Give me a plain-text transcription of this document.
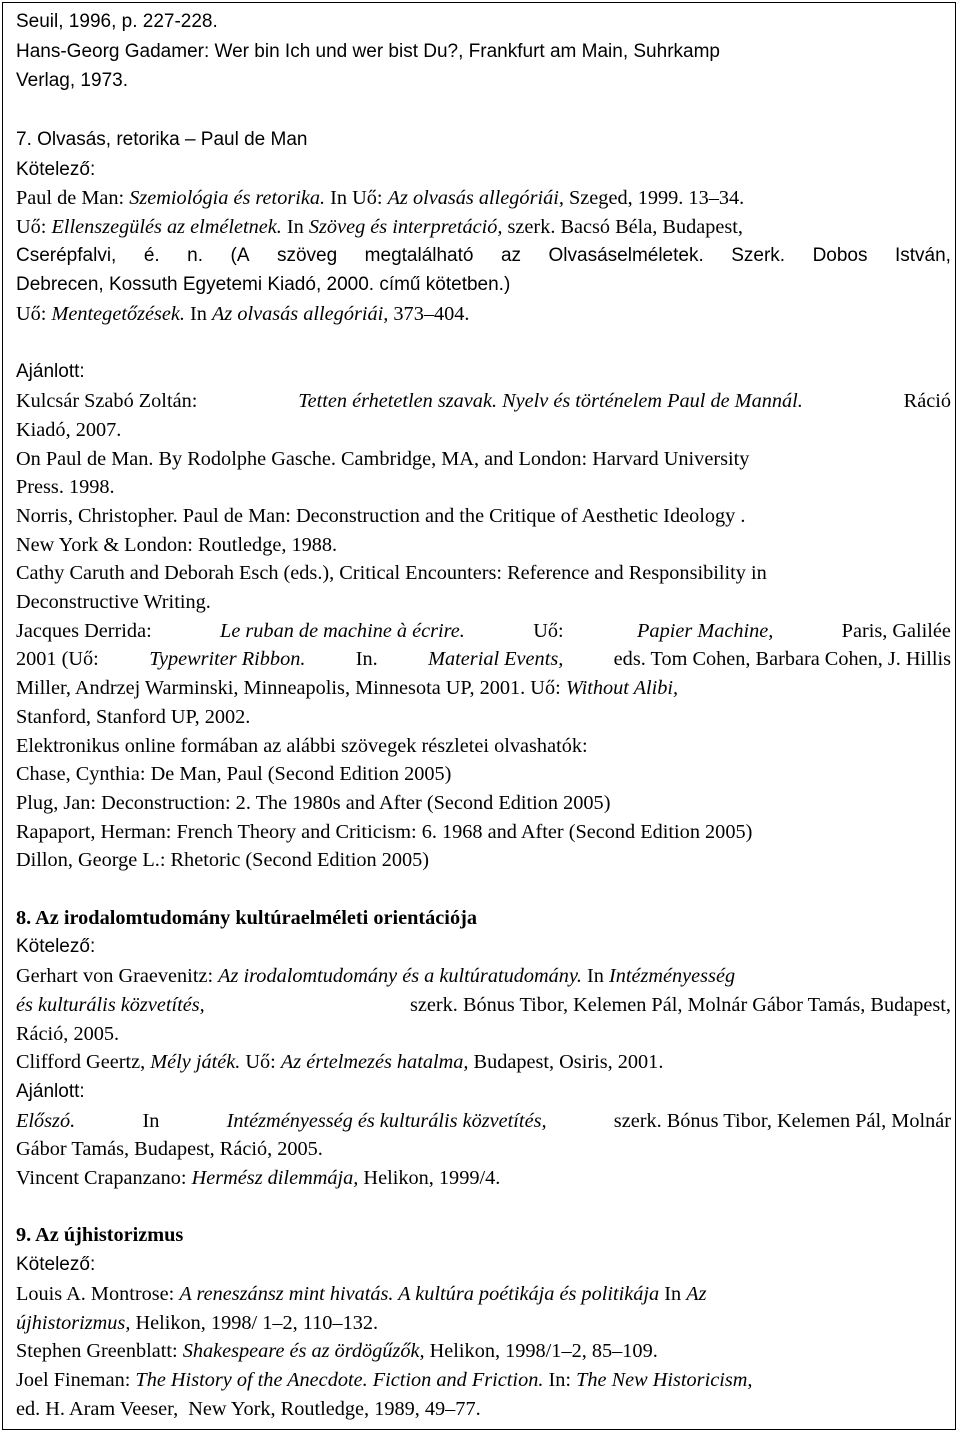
Seuil, 1996, p. 227-228.
Hans-Georg Gadamer: Wer bin Ich und wer bist Du?, Frankfurt am Main, Suhrkamp
Verlag, 1973.
7. Olvasás, retorika – Paul de Man
Kötelező:
Paul de Man: Szemiológia és retorika. In Uő: Az olvasás allegóriái, Szeged, 1999. 13–34.
Uő: Ellenszegülés az elméletnek. In Szöveg és interpretáció, szerk. Bacsó Béla, Budapest,
Cserépfalvi, é. n. (A szöveg megtalálható az Olvasáselméletek. Szerk. Dobos István,
Debrecen, Kossuth Egyetemi Kiadó, 2000. című kötetben.)
Uő: Mentegetőzések. In Az olvasás allegóriái, 373–404.
Ajánlott:
Kulcsár Szabó Zoltán:	Tetten érhetetlen szavak. Nyelv és történelem Paul de Mannál.	Ráció
Kiadó, 2007.
On Paul de Man. By Rodolphe Gasche. Cambridge, MA, and London: Harvard University
Press. 1998.
Norris, Christopher. Paul de Man: Deconstruction and the Critique of Aesthetic Ideology .
New York & London: Routledge, 1988.
Cathy Caruth and Deborah Esch (eds.), Critical Encounters: Reference and Responsibility in
Deconstructive Writing.
Jacques Derrida:	Le ruban de machine à écrire.	Uő:	Papier Machine,	Paris, Galilée
2001 (Uő: Typewriter Ribbon. In. Material Events, eds. Tom Cohen, Barbara Cohen, J. Hillis
Miller, Andrzej Warminski, Minneapolis, Minnesota UP, 2001. Uő: Without Alibi,
Stanford, Stanford UP, 2002.
Elektronikus online formában az alábbi szövegek részletei olvashatók:
Chase, Cynthia: De Man, Paul (Second Edition 2005)
Plug, Jan: Deconstruction: 2. The 1980s and After (Second Edition 2005)
Rapaport, Herman: French Theory and Criticism: 6. 1968 and After (Second Edition 2005)
Dillon, George L.: Rhetoric (Second Edition 2005)
8. Az irodalomtudomány kultúraelméleti orientációja
Kötelező:
Gerhart von Graevenitz: Az irodalomtudomány és a kultúratudomány. In Intézményesség
és kulturális közvetítés,	szerk. Bónus Tibor, Kelemen Pál, Molnár Gábor Tamás, Budapest,
Ráció, 2005.
Clifford Geertz, Mély játék. Uő: Az értelmezés hatalma, Budapest, Osiris, 2001.
Ajánlott:
Előszó.	In	Intézményesség és kulturális közvetítés,	szerk. Bónus Tibor, Kelemen Pál, Molnár
Gábor Tamás, Budapest, Ráció, 2005.
Vincent Crapanzano: Hermész dilemmája, Helikon, 1999/4.
9. Az újhistorizmus
Kötelező:
Louis A. Montrose: A reneszánsz mint hivatás. A kultúra poétikája és politikája In Az
újhistorizmus, Helikon, 1998/ 1–2, 110–132.
Stephen Greenblatt: Shakespeare és az ördögűzők, Helikon, 1998/1–2, 85–109.
Joel Fineman: The History of the Anecdote. Fiction and Friction. In: The New Historicism,
ed. H. Aram Veeser,  New York, Routledge, 1989, 49–77.
